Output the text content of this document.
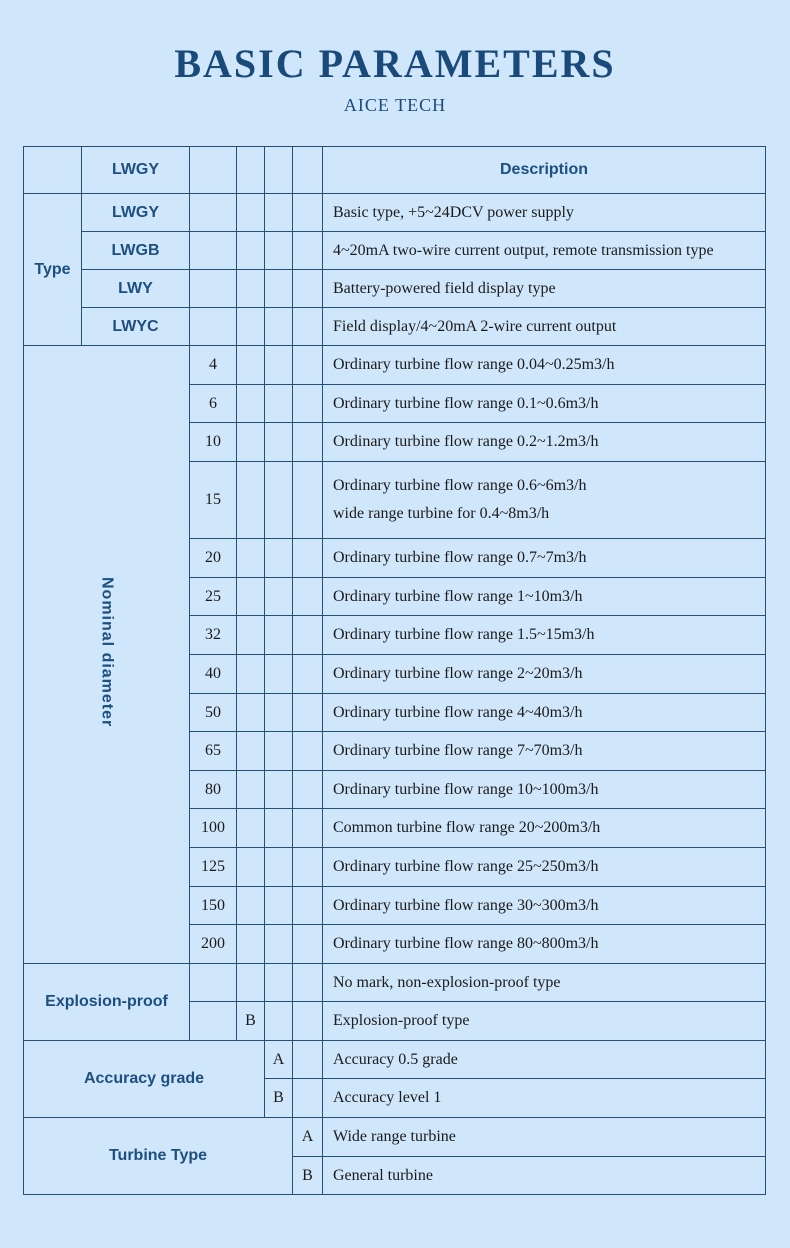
BASIC PARAMETERS
AICE TECH
	LWGY					Description
Type	LWGY					Basic type, +5~24DCV power supply
	LWGB					4~20mA two-wire current output, remote transmission type
	LWY					Battery-powered field display type
	LWYC					Field display/4~20mA 2-wire current output
Nominal diameter		4				Ordinary turbine flow range 0.04~0.25m3/h
		6				Ordinary turbine flow range 0.1~0.6m3/h
		10				Ordinary turbine flow range 0.2~1.2m3/h
		15				Ordinary turbine flow range 0.6~6m3/h
wide range turbine for 0.4~8m3/h

		20				Ordinary turbine flow range 0.7~7m3/h
		25				Ordinary turbine flow range 1~10m3/h
		32				Ordinary turbine flow range 1.5~15m3/h
		40				Ordinary turbine flow range 2~20m3/h
		50				Ordinary turbine flow range 4~40m3/h
		65				Ordinary turbine flow range 7~70m3/h
		80				Ordinary turbine flow range 10~100m3/h
		100				Common turbine flow range 20~200m3/h
		125				Ordinary turbine flow range 25~250m3/h
		150				Ordinary turbine flow range 30~300m3/h
		200				Ordinary turbine flow range 80~800m3/h
Explosion-proof						No mark, non-explosion-proof type
			B			Explosion-proof type
Accuracy grade				A		Accuracy 0.5 grade
				B		Accuracy level 1
Turbine Type					A	Wide range turbine
					B	General turbine
